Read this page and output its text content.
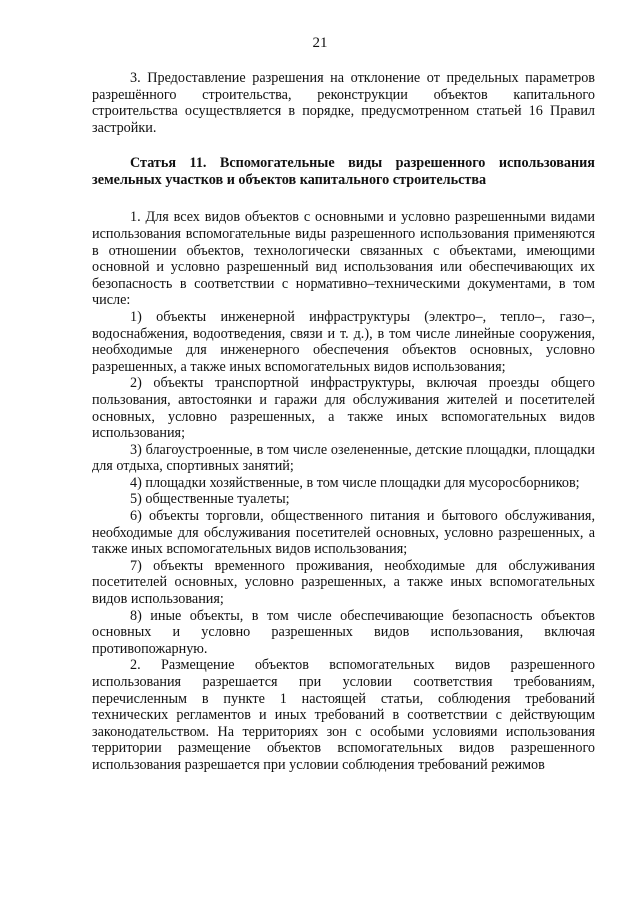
21

3. Предоставление разрешения на отклонение от предельных параметров разрешённого строительства, реконструкции объектов капитального строительства осуществляется в порядке, предусмотренном статьей 16 Правил застройки.

Статья 11. Вспомогательные виды разрешенного использования земельных участков и объектов капитального строительства

1. Для всех видов объектов с основными и условно разрешенными видами использования вспомогательные виды разрешенного использования применяются в отношении объектов, технологически связанных с объектами, имеющими основной и условно разрешенный вид использования или обеспечивающих их безопасность в соответствии с нормативно–техническими документами, в том числе:

1) объекты инженерной инфраструктуры (электро–, тепло–, газо–, водоснабжения, водоотведения, связи и т. д.), в том числе линейные сооружения, необходимые для инженерного обеспечения объектов основных, условно разрешенных, а также иных вспомогательных видов использования;

2) объекты транспортной инфраструктуры, включая проезды общего пользования, автостоянки и гаражи для обслуживания жителей и посетителей основных, условно разрешенных, а также иных вспомогательных видов использования;

3) благоустроенные, в том числе озелененные, детские площадки, площадки для отдыха, спортивных занятий;

4) площадки хозяйственные, в том числе площадки для мусоросборников;

5) общественные туалеты;

6) объекты торговли, общественного питания и бытового обслуживания, необходимые для обслуживания посетителей основных, условно разрешенных, а также иных вспомогательных видов использования;

7) объекты временного проживания, необходимые для обслуживания посетителей основных, условно разрешенных, а также иных вспомогательных видов использования;

8) иные объекты, в том числе обеспечивающие безопасность объектов основных и условно разрешенных видов использования, включая противопожарную.

2. Размещение объектов вспомогательных видов разрешенного использования разрешается при условии соответствия требованиям, перечисленным в пункте 1 настоящей статьи, соблюдения требований технических регламентов и иных требований в соответствии с действующим законодательством. На территориях зон с особыми условиями использования территории размещение объектов вспомогательных видов разрешенного использования разрешается при условии соблюдения требований режимов
